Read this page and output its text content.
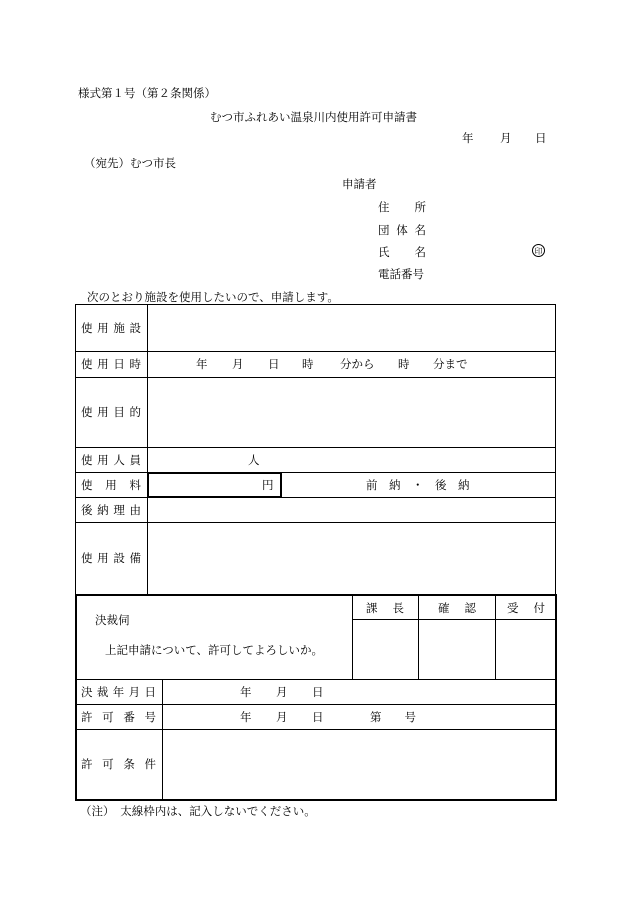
様式第１号（第２条関係）
むつ市ふれあい温泉川内使用許可申請書
年 月 日
（宛先）むつ市長
申請者
住 所
団 体 名
氏 名	印
電話番号
次のとおり施設を使用したいので、申請します。
使 用 施 設
使 用 日 時	年 月 日 時 分から 時 分まで
使 用 目 的
使 用 人 員	人
使 用 料	円	前　納　・　後　納
後 納 理 由
使 用 設 備
決裁伺
上記申請について、許可してよろしいか。
課 長	確 認	受 付
決 裁 年 月 日	年 月 日
許 可 番 号	年 月 日	第　　号
許 可 条 件
（注）　太線枠内は、記入しないでください。
